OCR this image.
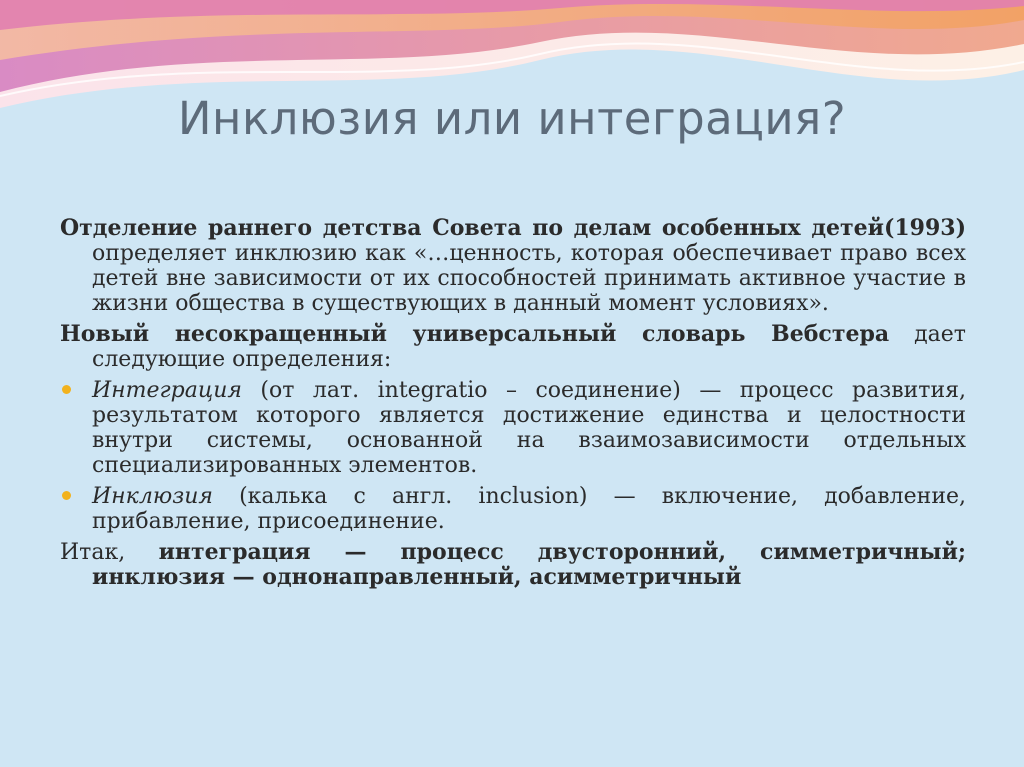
Инклюзия или интеграция?

Отделение раннего детства Совета по делам особенных детей(1993) определяет инклюзию как «…ценность, которая обеспечивает право всех детей вне зависимости от их способностей принимать активное участие в жизни общества в существующих в данный момент условиях».

Новый несокращенный универсальный словарь Вебстера дает следующие определения:

Интеграция (от лат. integratio – соединение) — процесс развития, результатом которого является достижение единства и целостности внутри системы, основанной на взаимозависимости отдельных специализированных элементов.
Инклюзия (калька с англ. inclusion) — включение, добавление, прибавление, присоединение.

Итак, интеграция — процесс двусторонний, симметричный; инклюзия — однонаправленный, асимметричный
